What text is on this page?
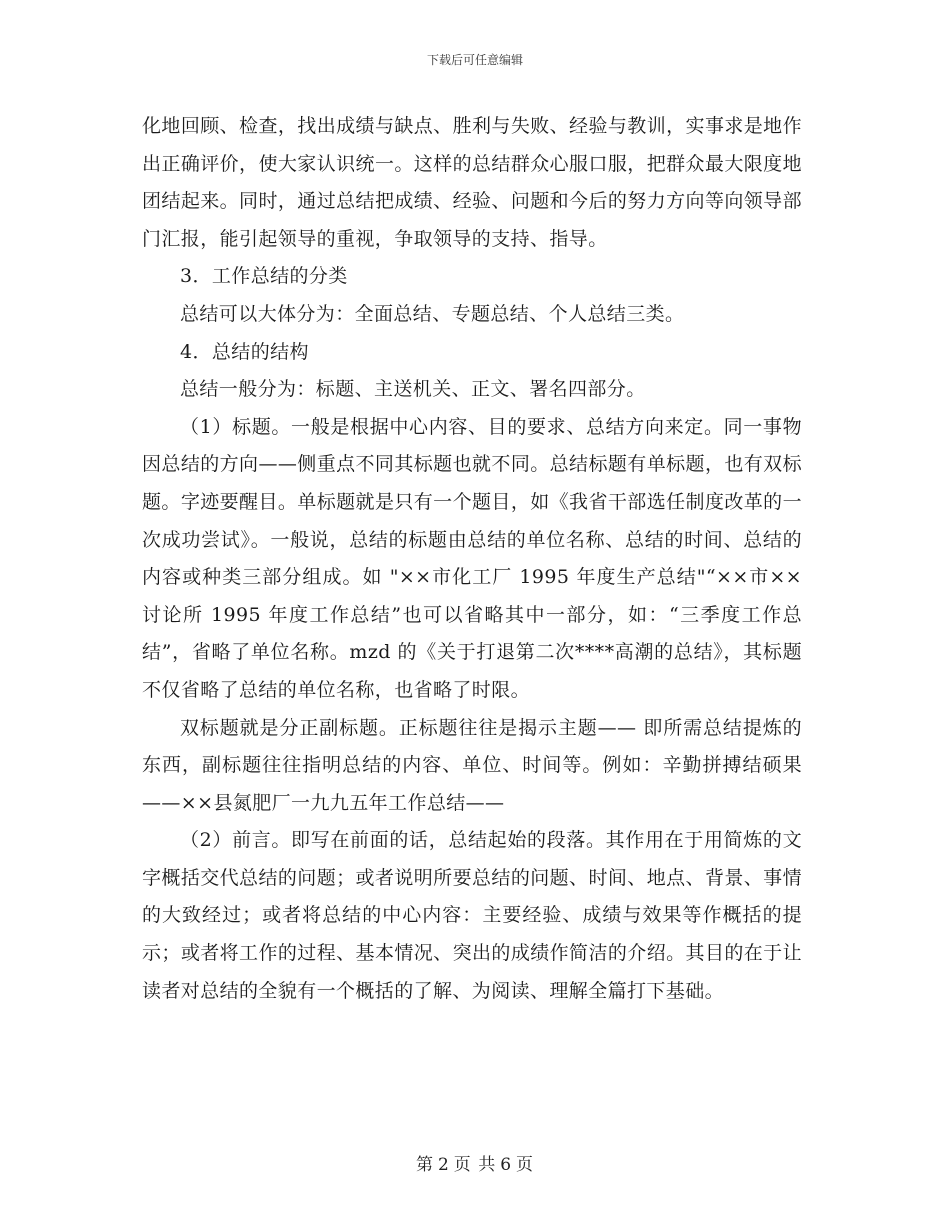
下载后可任意编辑

化地回顾、检查，找出成绩与缺点、胜利与失败、经验与教训，实事求是地作出正确评价，使大家认识统一。这样的总结群众心服口服，把群众最大限度地团结起来。同时，通过总结把成绩、经验、问题和今后的努力方向等向领导部门汇报，能引起领导的重视，争取领导的支持、指导。

3．工作总结的分类

总结可以大体分为：全面总结、专题总结、个人总结三类。

4．总结的结构

总结一般分为：标题、主送机关、正文、署名四部分。

（1）标题。一般是根据中心内容、目的要求、总结方向来定。同一事物因总结的方向——侧重点不同其标题也就不同。总结标题有单标题，也有双标题。字迹要醒目。单标题就是只有一个题目，如《我省干部选任制度改革的一次成功尝试》。一般说，总结的标题由总结的单位名称、总结的时间、总结的内容或种类三部分组成。如 "××市化工厂 1995 年度生产总结"“××市××讨论所 1995 年度工作总结”也可以省略其中一部分，如：“三季度工作总结”，省略了单位名称。mzd 的《关于打退第二次****高潮的总结》，其标题不仅省略了总结的单位名称，也省略了时限。

双标题就是分正副标题。正标题往往是揭示主题—— 即所需总结提炼的东西，副标题往往指明总结的内容、单位、时间等。例如：辛勤拼搏结硕果——××县氮肥厂一九九五年工作总结——

（2）前言。即写在前面的话，总结起始的段落。其作用在于用简炼的文字概括交代总结的问题；或者说明所要总结的问题、时间、地点、背景、事情的大致经过；或者将总结的中心内容：主要经验、成绩与效果等作概括的提示；或者将工作的过程、基本情况、突出的成绩作简洁的介绍。其目的在于让读者对总结的全貌有一个概括的了解、为阅读、理解全篇打下基础。

第 2 页 共 6 页
